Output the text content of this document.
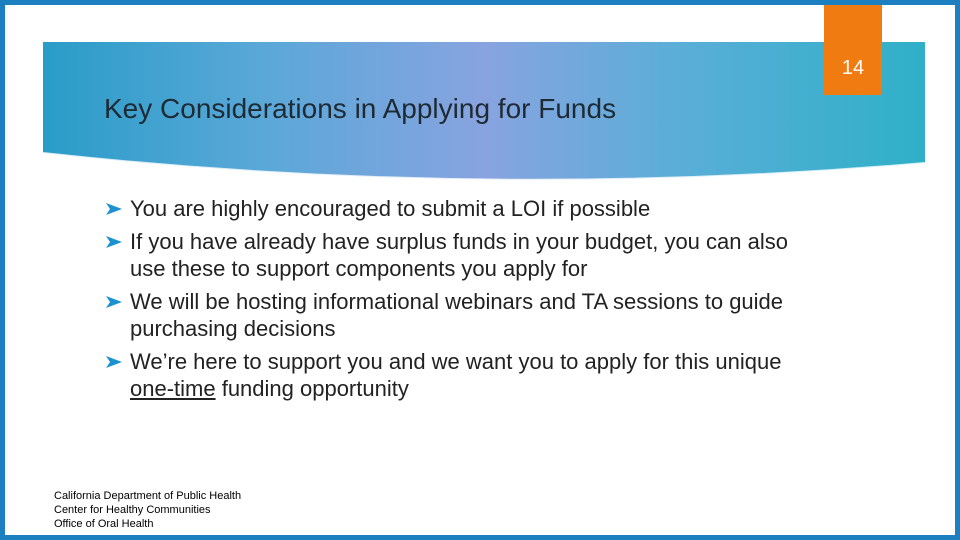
14
Key Considerations in Applying for Funds
You are highly encouraged to submit a LOI if possible
If you have already have surplus funds in your budget, you can also use these to support components you apply for
We will be hosting informational webinars and TA sessions to guide purchasing decisions
We’re here to support you and we want you to apply for this unique one-time funding opportunity
California Department of Public Health
Center for Healthy Communities
Office of Oral Health
